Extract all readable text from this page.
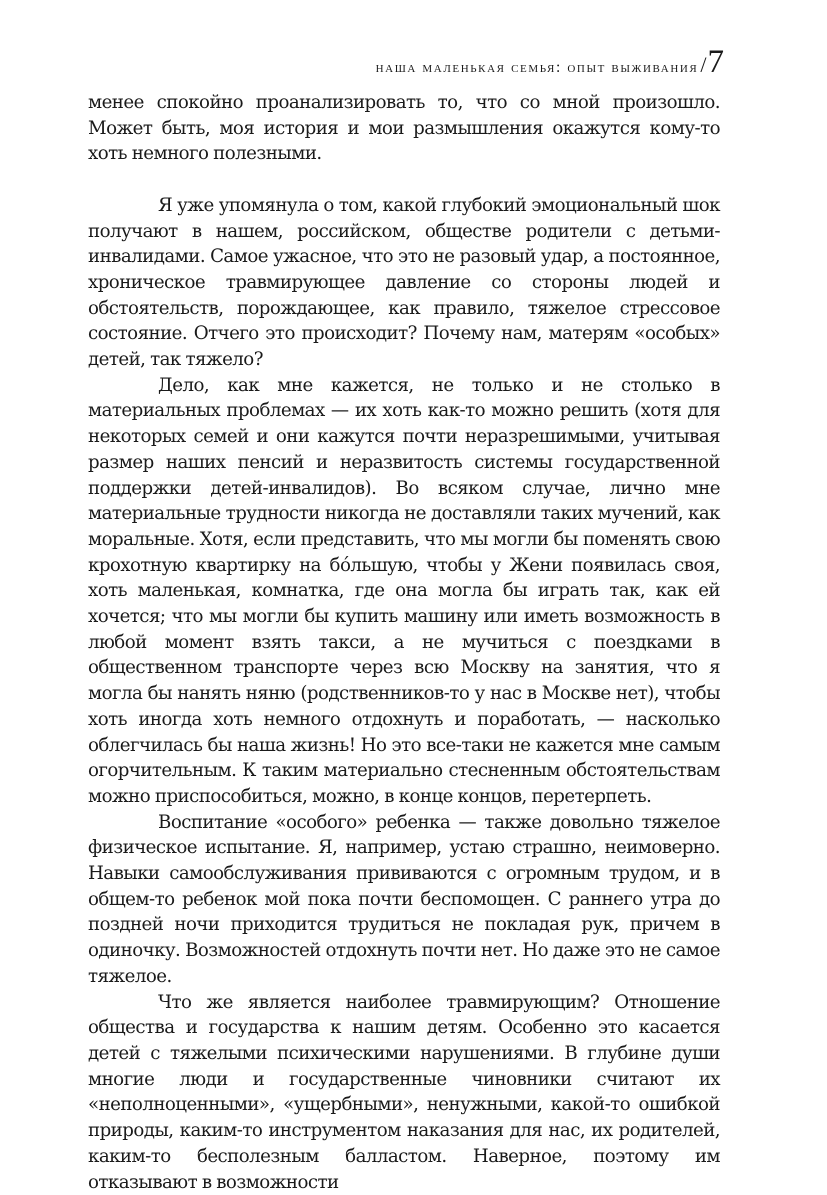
наша маленькая семья: опыт выживания / 7

менее спокойно проанализировать то, что со мной произошло. Может быть, моя история и мои размышления окажутся кому-то хоть немного полезными.

Я уже упомянула о том, какой глубокий эмоциональный шок получают в нашем, российском, обществе родители с детьми-инвалидами. Самое ужасное, что это не разовый удар, а постоянное, хроническое травмирующее давление со стороны людей и обстоятельств, порождающее, как правило, тяжелое стрессовое состояние. Отчего это происходит? Почему нам, матерям «особых» детей, так тяжело?

Дело, как мне кажется, не только и не столько в материальных проблемах — их хоть как-то можно решить (хотя для некоторых семей и они кажутся почти неразрешимыми, учитывая размер наших пенсий и неразвитость системы государственной поддержки детей-инвалидов). Во всяком случае, лично мне материальные трудности никогда не доставляли таких мучений, как моральные. Хотя, если представить, что мы могли бы поменять свою крохотную квартирку на бóльшую, чтобы у Жени появилась своя, хоть маленькая, комнатка, где она могла бы играть так, как ей хочется; что мы могли бы купить машину или иметь возможность в любой момент взять такси, а не мучиться с поездками в общественном транспорте через всю Москву на занятия, что я могла бы нанять няню (родственников-то у нас в Москве нет), чтобы хоть иногда хоть немного отдохнуть и поработать, — насколько облегчилась бы наша жизнь! Но это все-таки не кажется мне самым огорчительным. К таким материально стесненным обстоятельствам можно приспособиться, можно, в конце концов, перетерпеть.

Воспитание «особого» ребенка — также довольно тяжелое физическое испытание. Я, например, устаю страшно, неимоверно. Навыки самообслуживания прививаются с огромным трудом, и в общем-то ребенок мой пока почти беспомощен. С раннего утра до поздней ночи приходится трудиться не покладая рук, причем в одиночку. Возможностей отдохнуть почти нет. Но даже это не самое тяжелое.

Что же является наиболее травмирующим? Отношение общества и государства к нашим детям. Особенно это касается детей с тяжелыми психическими нарушениями. В глубине души многие люди и государственные чиновники считают их «неполноценными», «ущербными», ненужными, какой-то ошибкой природы, каким-то инструментом наказания для нас, их родителей, каким-то бесполезным балластом. Наверное, поэтому им отказывают в возможности
